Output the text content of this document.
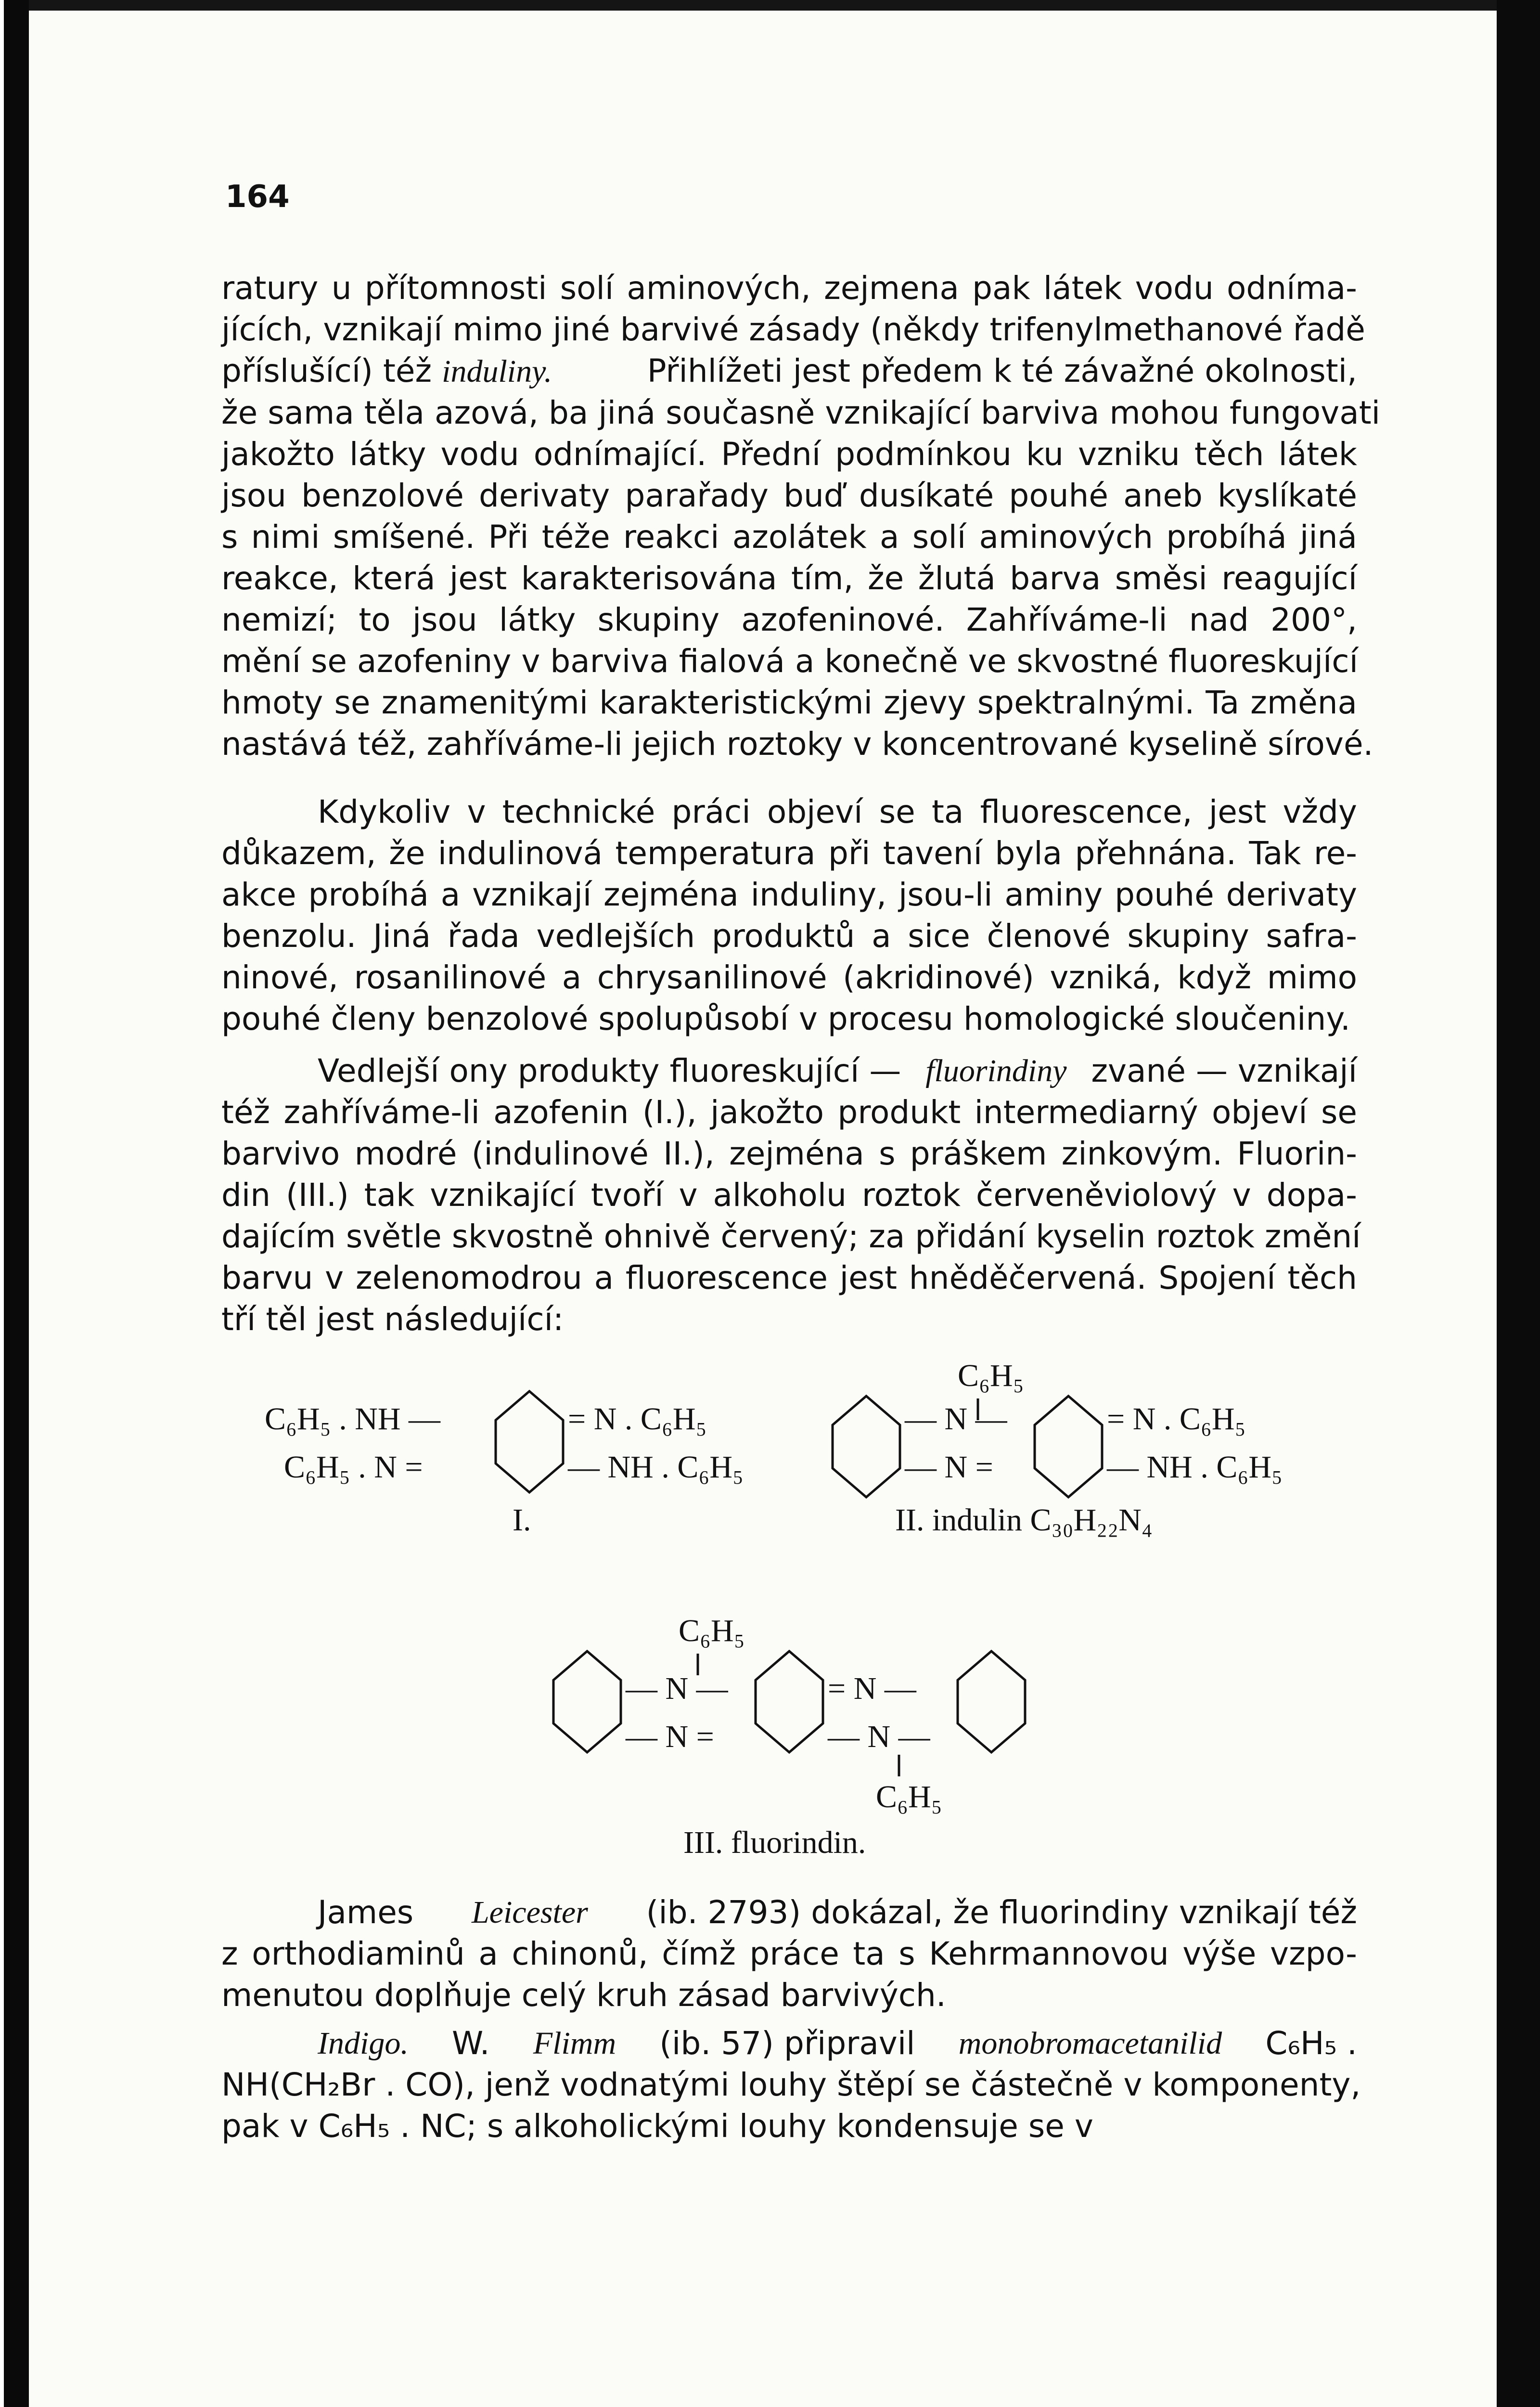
164
ratury u přítomnosti solí aminových, zejmena pak látek vodu odníma-
jících, vznikají mimo jiné barvivé zásady (někdy trifenylmethanové řadě
příslušící) též induliny.	Přihlížeti jest předem k té závažné okolnosti,
že sama těla azová, ba jiná současně vznikající barviva mohou fungovati
jakožto látky vodu odnímající. Přední podmínkou ku vzniku těch látek
jsou benzolové derivaty parařady buď dusíkaté pouhé aneb kyslíkaté
s nimi smíšené. Při téže reakci azolátek a solí aminových probíhá jiná
reakce, která jest karakterisována tím, že žlutá barva směsi reagující
nemizí; to jsou látky skupiny azofeninové. Zahříváme-li nad 200°,
mění se azofeniny v barviva fialová a konečně ve skvostné fluoreskující
hmoty se znamenitými karakteristickými zjevy spektralnými. Ta změna
nastává též, zahříváme-li jejich roztoky v koncentrované kyselině sírové.
Kdykoliv v technické práci objeví se ta fluorescence, jest vždy
důkazem, že indulinová temperatura při tavení byla přehnána. Tak re-
akce probíhá a vznikají zejména induliny, jsou-li aminy pouhé derivaty
benzolu. Jiná řada vedlejších produktů a sice členové skupiny safra-
ninové, rosanilinové a chrysanilinové (akridinové) vzniká, když mimo
pouhé členy benzolové spolupůsobí v procesu homologické sloučeniny.
Vedlejší ony produkty fluoreskující — fluorindiny zvané — vznikají
též zahříváme-li azofenin (I.), jakožto produkt intermediarný objeví se
barvivo modré (indulinové II.), zejména s práškem zinkovým. Fluorin-
din (III.) tak vznikající tvoří v alkoholu roztok červeněviolový v dopa-
dajícím světle skvostně ohnivě červený; za přidání kyselin roztok změní
barvu v zelenomodrou a fluorescence jest hněděčervená. Spojení těch
tří těl jest následující:
C₆H₅ . NH —
C₆H₅ . N =
= N . C₆H₅
— NH . C₆H₅
I.
C₆H₅
— N —
— N =
= N . C₆H₅
— NH . C₆H₅
II. indulin C₃₀H₂₂N₄
C₆H₅
— N —
— N =
= N —
— N —
C₆H₅
III. fluorindin.
James Leicester (ib. 2793) dokázal, že fluorindiny vznikají též
z orthodiaminů a chinonů, čímž práce ta s Kehrmannovou výše vzpo-
menutou doplňuje celý kruh zásad barvivých.
Indigo. W. Flimm (ib. 57) připravil monobromacetanilid C₆H₅ .
NH(CH₂Br . CO), jenž vodnatými louhy štěpí se částečně v komponenty,
pak v C₆H₅ . NC; s alkoholickými louhy kondensuje se v
